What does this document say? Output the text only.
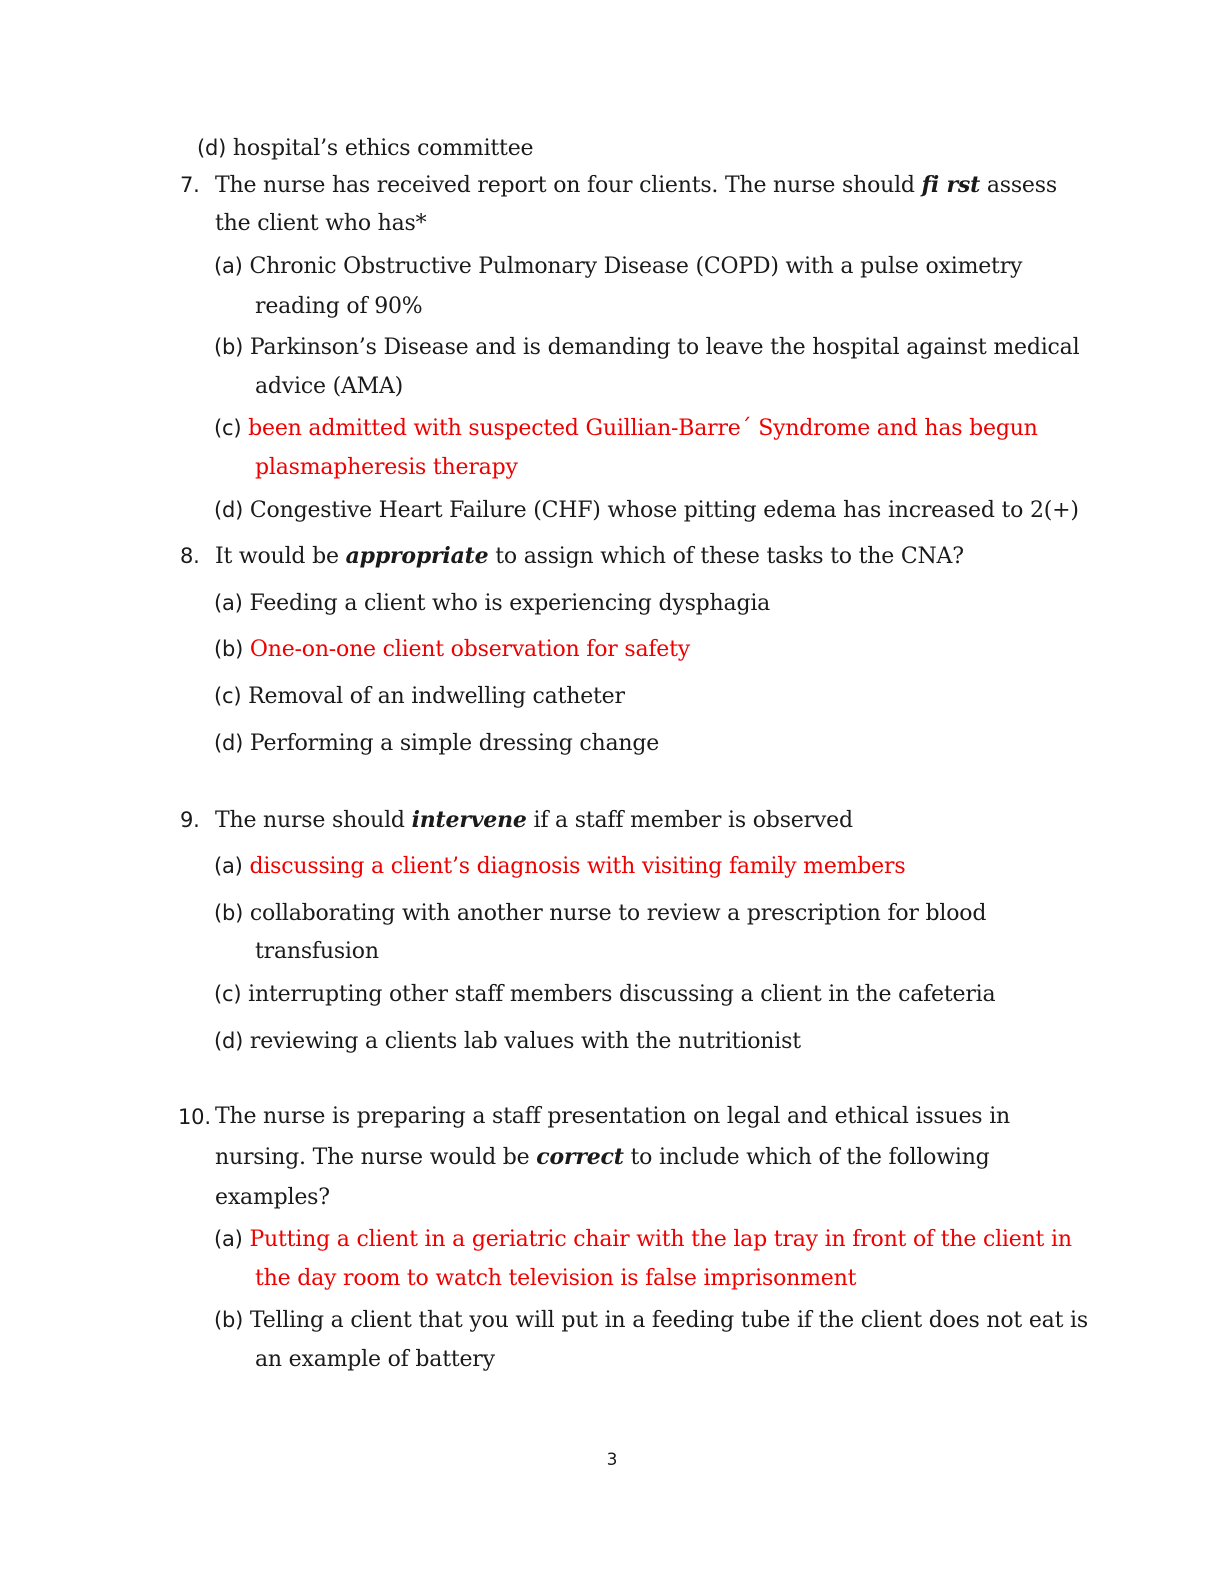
(d) hospital’s ethics committee
7. The nurse has received report on four clients. The nurse should fi rst assess
the client who has*
(a) Chronic Obstructive Pulmonary Disease (COPD) with a pulse oximetry
reading of 90%
(b) Parkinson’s Disease and is demanding to leave the hospital against medical
advice (AMA)
(c) been admitted with suspected Guillian-Barre´ Syndrome and has begun
plasmapheresis therapy
(d) Congestive Heart Failure (CHF) whose pitting edema has increased to 2(+)
8. It would be appropriate to assign which of these tasks to the CNA?
(a) Feeding a client who is experiencing dysphagia
(b) One-on-one client observation for safety
(c) Removal of an indwelling catheter
(d) Performing a simple dressing change
9. The nurse should intervene if a staff member is observed
(a) discussing a client’s diagnosis with visiting family members
(b) collaborating with another nurse to review a prescription for blood
transfusion
(c) interrupting other staff members discussing a client in the cafeteria
(d) reviewing a clients lab values with the nutritionist
10. The nurse is preparing a staff presentation on legal and ethical issues in
nursing. The nurse would be correct to include which of the following
examples?
(a) Putting a client in a geriatric chair with the lap tray in front of the client in
the day room to watch television is false imprisonment
(b) Telling a client that you will put in a feeding tube if the client does not eat is
an example of battery
3
